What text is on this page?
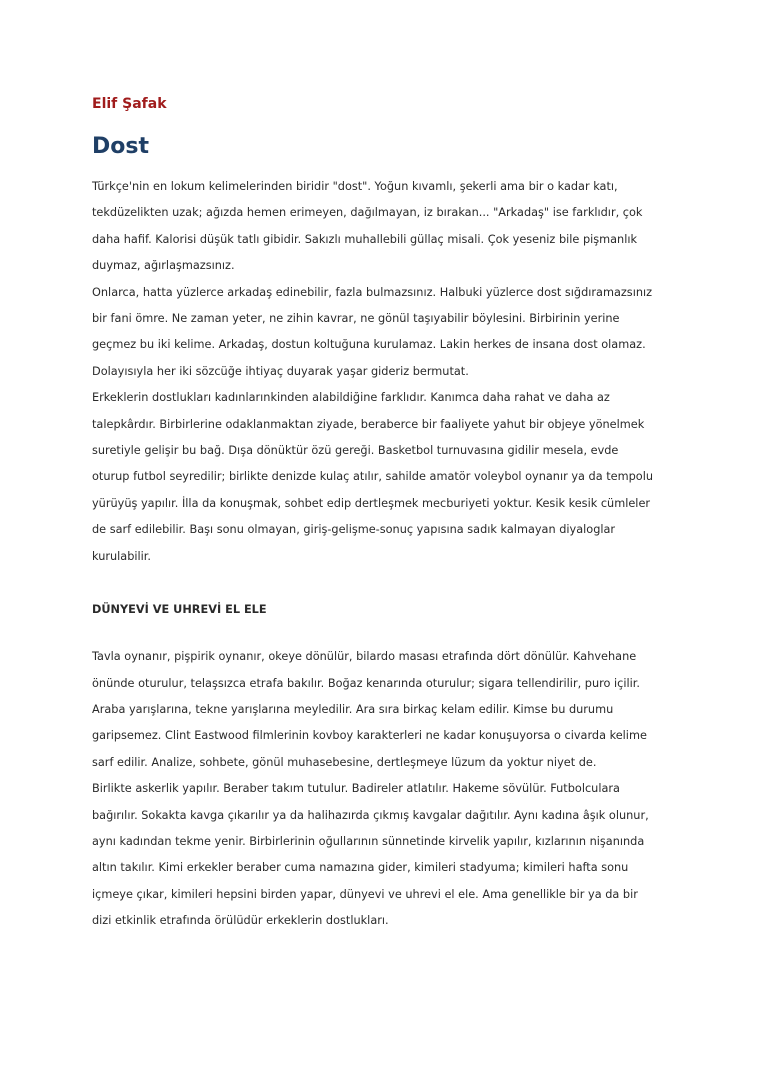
Elif Şafak

Dost

Türkçe'nin en lokum kelimelerinden biridir "dost". Yoğun kıvamlı, şekerli ama bir o kadar katı,

tekdüzelikten uzak; ağızda hemen erimeyen, dağılmayan, iz bırakan... "Arkadaş" ise farklıdır, çok

daha hafif. Kalorisi düşük tatlı gibidir. Sakızlı muhallebili güllaç misali. Çok yeseniz bile pişmanlık

duymaz, ağırlaşmazsınız.

Onlarca, hatta yüzlerce arkadaş edinebilir, fazla bulmazsınız. Halbuki yüzlerce dost sığdıramazsınız

bir fani ömre. Ne zaman yeter, ne zihin kavrar, ne gönül taşıyabilir böylesini. Birbirinin yerine

geçmez bu iki kelime. Arkadaş, dostun koltuğuna kurulamaz. Lakin herkes de insana dost olamaz.

Dolayısıyla her iki sözcüğe ihtiyaç duyarak yaşar gideriz bermutat.

Erkeklerin dostlukları kadınlarınkinden alabildiğine farklıdır. Kanımca daha rahat ve daha az

talepkârdır. Birbirlerine odaklanmaktan ziyade, beraberce bir faaliyete yahut bir objeye yönelmek

suretiyle gelişir bu bağ. Dışa dönüktür özü gereği. Basketbol turnuvasına gidilir mesela, evde

oturup futbol seyredilir; birlikte denizde kulaç atılır, sahilde amatör voleybol oynanır ya da tempolu

yürüyüş yapılır. İlla da konuşmak, sohbet edip dertleşmek mecburiyeti yoktur. Kesik kesik cümleler

de sarf edilebilir. Başı sonu olmayan, giriş-gelişme-sonuç yapısına sadık kalmayan diyaloglar

kurulabilir.

DÜNYEVİ VE UHREVİ EL ELE

Tavla oynanır, pişpirik oynanır, okeye dönülür, bilardo masası etrafında dört dönülür. Kahvehane

önünde oturulur, telaşsızca etrafa bakılır. Boğaz kenarında oturulur; sigara tellendirilir, puro içilir.

Araba yarışlarına, tekne yarışlarına meyledilir. Ara sıra birkaç kelam edilir. Kimse bu durumu

garipsemez. Clint Eastwood filmlerinin kovboy karakterleri ne kadar konuşuyorsa o civarda kelime

sarf edilir. Analize, sohbete, gönül muhasebesine, dertleşmeye lüzum da yoktur niyet de.

Birlikte askerlik yapılır. Beraber takım tutulur. Badireler atlatılır. Hakeme sövülür. Futbolculara

bağırılır. Sokakta kavga çıkarılır ya da halihazırda çıkmış kavgalar dağıtılır. Aynı kadına âşık olunur,

aynı kadından tekme yenir. Birbirlerinin oğullarının sünnetinde kirvelik yapılır, kızlarının nişanında

altın takılır. Kimi erkekler beraber cuma namazına gider, kimileri stadyuma; kimileri hafta sonu

içmeye çıkar, kimileri hepsini birden yapar, dünyevi ve uhrevi el ele. Ama genellikle bir ya da bir

dizi etkinlik etrafında örülüdür erkeklerin dostlukları.
